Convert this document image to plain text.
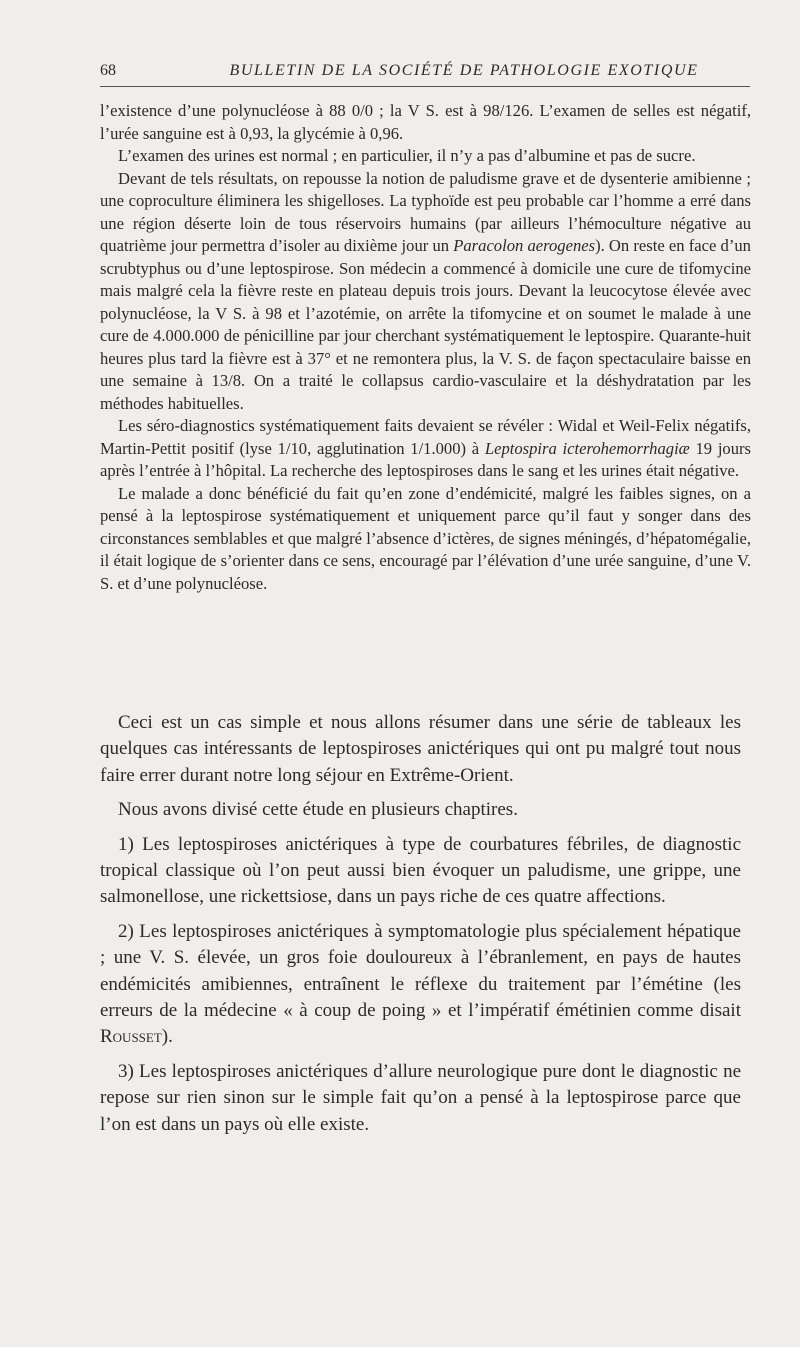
68	BULLETIN DE LA SOCIÉTÉ DE PATHOLOGIE EXOTIQUE

l’existence d’une polynucléose à 88 0/0 ; la V S. est à 98/126. L’examen de selles est négatif, l’urée sanguine est à 0,93, la glycémie à 0,96.

L’examen des urines est normal ; en particulier, il n’y a pas d’albumine et pas de sucre.

Devant de tels résultats, on repousse la notion de paludisme grave et de dysenterie amibienne ; une coproculture éliminera les shigelloses. La typhoïde est peu probable car l’homme a erré dans une région déserte loin de tous réservoirs humains (par ailleurs l’hémoculture négative au quatrième jour permettra d’isoler au dixième jour un Paracolon aerogenes). On reste en face d’un scrubtyphus ou d’une leptospirose. Son médecin a commencé à domicile une cure de tifomycine mais malgré cela la fièvre reste en plateau depuis trois jours. Devant la leucocytose élevée avec polynucléose, la V S. à 98 et l’azotémie, on arrête la tifomycine et on soumet le malade à une cure de 4.000.000 de pénicilline par jour cherchant systématiquement le leptospire. Quarante-huit heures plus tard la fièvre est à 37° et ne remontera plus, la V. S. de façon spectaculaire baisse en une semaine à 13/8. On a traité le collapsus cardio-vasculaire et la déshydratation par les méthodes habituelles.

Les séro-diagnostics systématiquement faits devaient se révéler : Widal et Weil-Felix négatifs, Martin-Pettit positif (lyse 1/10, agglutination 1/1.000) à Leptospira icterohemorrhagiæ 19 jours après l’entrée à l’hôpital. La recherche des leptospiroses dans le sang et les urines était négative.

Le malade a donc bénéficié du fait qu’en zone d’endémicité, malgré les faibles signes, on a pensé à la leptospirose systématiquement et uniquement parce qu’il faut y songer dans des circonstances semblables et que malgré l’absence d’ictères, de signes méningés, d’hépatomégalie, il était logique de s’orienter dans ce sens, encouragé par l’élévation d’une urée sanguine, d’une V. S. et d’une polynucléose.

Ceci est un cas simple et nous allons résumer dans une série de tableaux les quelques cas intéressants de leptospiroses anictériques qui ont pu malgré tout nous faire errer durant notre long séjour en Extrême-Orient.

Nous avons divisé cette étude en plusieurs chaptires.

1) Les leptospiroses anictériques à type de courbatures fébriles, de diagnostic tropical classique où l’on peut aussi bien évoquer un paludisme, une grippe, une salmonellose, une rickettsiose, dans un pays riche de ces quatre affections.

2) Les leptospiroses anictériques à symptomatologie plus spécialement hépatique ; une V. S. élevée, un gros foie douloureux à l’ébranlement, en pays de hautes endémicités amibiennes, entraînent le réflexe du traitement par l’émétine (les erreurs de la médecine « à coup de poing » et l’impératif émétinien comme disait Rousset).

3) Les leptospiroses anictériques d’allure neurologique pure dont le diagnostic ne repose sur rien sinon sur le simple fait qu’on a pensé à la leptospirose parce que l’on est dans un pays où elle existe.
